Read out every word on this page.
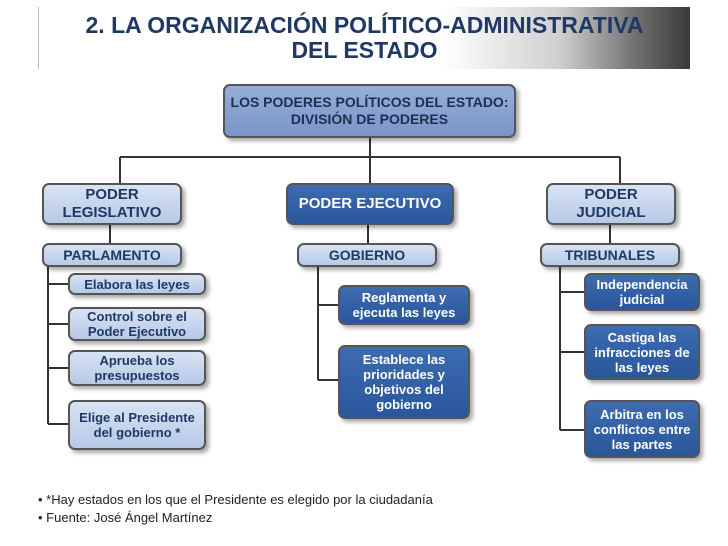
2. LA ORGANIZACIÓN POLÍTICO-ADMINISTRATIVA
DEL ESTADO
LOS PODERES POLÍTICOS DEL ESTADO: DIVISIÓN DE PODERES
PODER LEGISLATIVO
PODER EJECUTIVO
PODER JUDICIAL
PARLAMENTO	GOBIERNO	TRIBUNALES
Elabora las leyes
Control sobre el Poder Ejecutivo
Aprueba los presupuestos
Elige al Presidente del gobierno *
Reglamenta y ejecuta las leyes
Establece las prioridades y objetivos del gobierno
Independencia judicial
Castiga las infracciones de las leyes
Arbitra en los conflictos entre las partes
• *Hay estados en los que el Presidente es elegido por la ciudadanía
• Fuente: José Ángel Martínez
